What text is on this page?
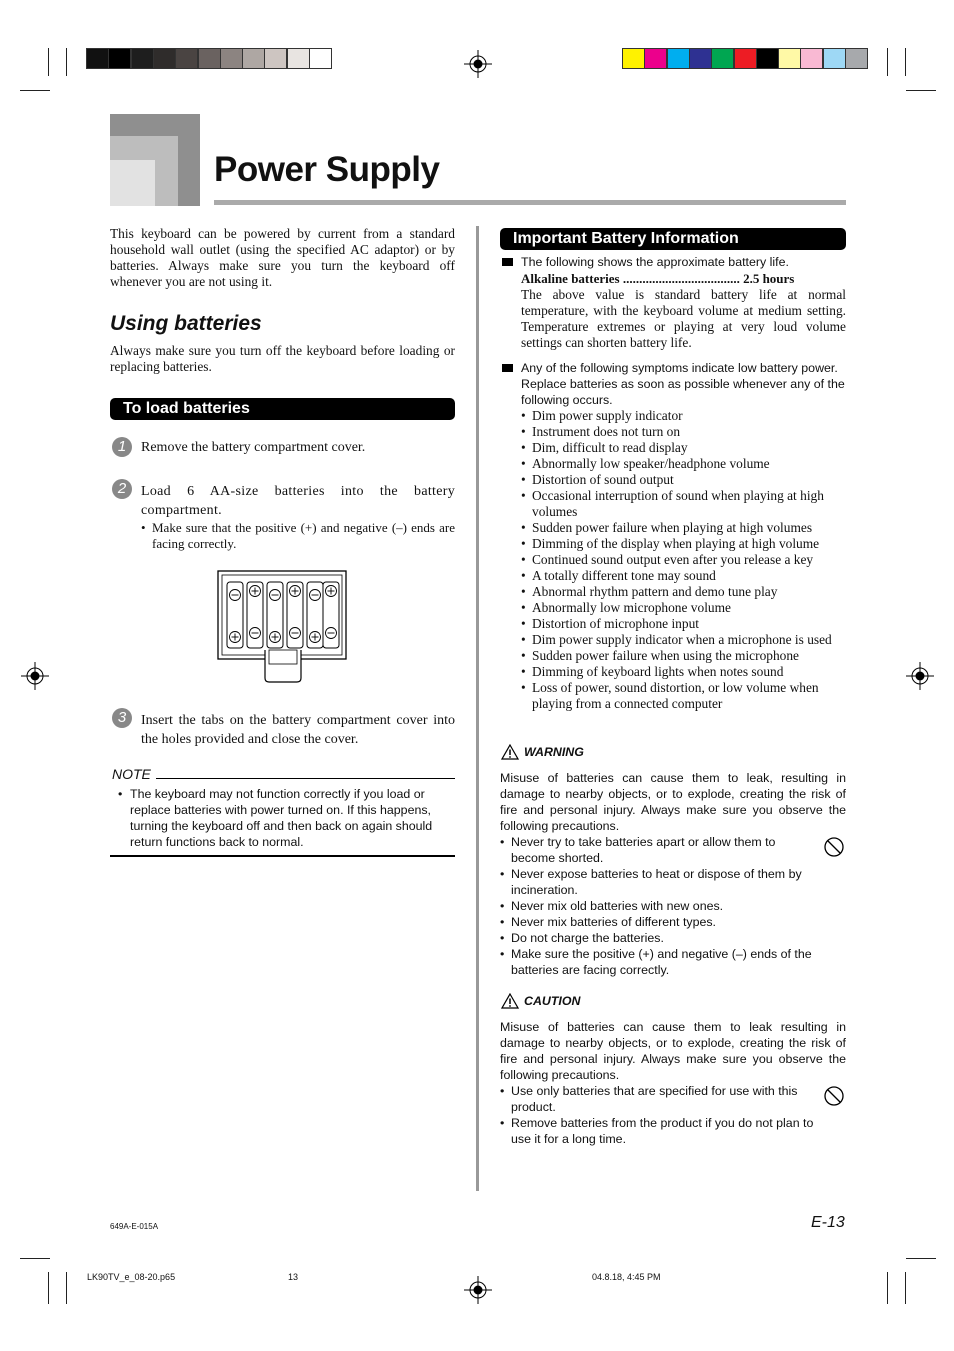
Power Supply
This keyboard can be powered by current from a standard household wall outlet (using the specified AC adaptor) or by batteries. Always make sure you turn the keyboard off whenever you are not using it.
Using batteries
Always make sure you turn off the keyboard before loading or replacing batteries.
To load batteries
1	Remove the battery compartment cover.
2	Load 6 AA-size batteries into the battery compartment.
• Make sure that the positive (+) and negative (–) ends are facing correctly.
3	Insert the tabs on the battery compartment cover into the holes provided and close the cover.
NOTE
• The keyboard may not function correctly if you load or replace batteries with power turned on. If this happens, turning the keyboard off and then back on again should return functions back to normal.
Important Battery Information
The following shows the approximate battery life.
Alkaline batteries .................................... 2.5 hours
The above value is standard battery life at normal temperature, with the keyboard volume at medium setting. Temperature extremes or playing at very loud volume settings can shorten battery life.
Any of the following symptoms indicate low battery power. Replace batteries as soon as possible whenever any of the following occurs.
• Dim power supply indicator
• Instrument does not turn on
• Dim, difficult to read display
• Abnormally low speaker/headphone volume
• Distortion of sound output
• Occasional interruption of sound when playing at high volumes
• Sudden power failure when playing at high volumes
• Dimming of the display when playing at high volume
• Continued sound output even after you release a key
• A totally different tone may sound
• Abnormal rhythm pattern and demo tune play
• Abnormally low microphone volume
• Distortion of microphone input
• Dim power supply indicator when a microphone is used
• Sudden power failure when using the microphone
• Dimming of keyboard lights when notes sound
• Loss of power, sound distortion, or low volume when playing from a connected computer
WARNING
Misuse of batteries can cause them to leak, resulting in damage to nearby objects, or to explode, creating the risk of fire and personal injury. Always make sure you observe the following precautions.
• Never try to take batteries apart or allow them to become shorted.
• Never expose batteries to heat or dispose of them by incineration.
• Never mix old batteries with new ones.
• Never mix batteries of different types.
• Do not charge the batteries.
• Make sure the positive (+) and negative (–) ends of the batteries are facing correctly.
CAUTION
Misuse of batteries can cause them to leak resulting in damage to nearby objects, or to explode, creating the risk of fire and personal injury. Always make sure you observe the following precautions.
• Use only batteries that are specified for use with this product.
• Remove batteries from the product if you do not plan to use it for a long time.
649A-E-015A	E-13
LK90TV_e_08-20.p65	13	04.8.18, 4:45 PM
